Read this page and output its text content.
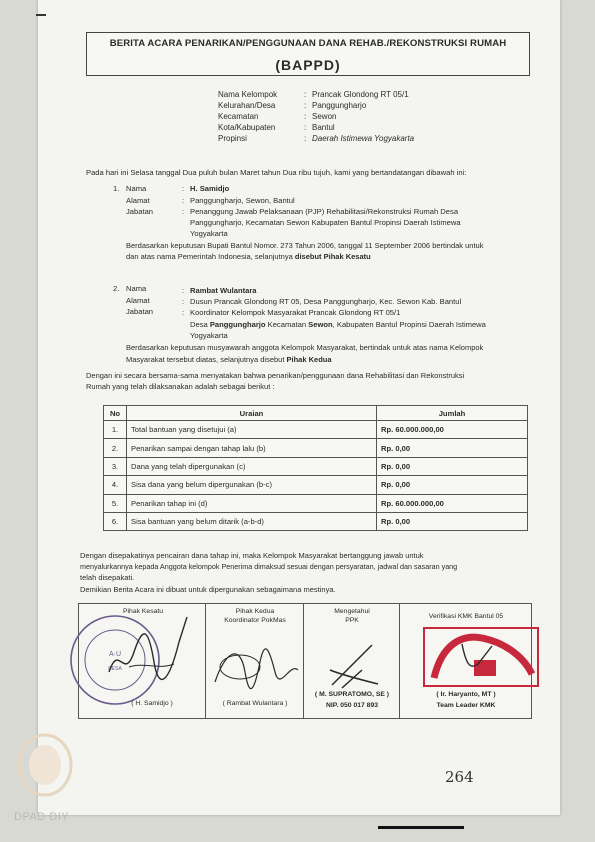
BERITA ACARA PENARIKAN/PENGGUNAAN DANA REHAB./REKONSTRUKSI RUMAH
(BAPPD)
Nama Kelompok	: Prancak Glondong RT 05/1
Kelurahan/Desa	: Panggungharjo
Kecamatan	: Sewon
Kota/Kabupaten	: Bantul
Propinsi	: Daerah Istimewa Yogyakarta
Pada hari ini Selasa tanggal Dua puluh bulan Maret tahun Dua ribu tujuh, kami yang bertandatangan dibawah ini:
1. Nama	: H. Samidjo
Alamat	: Panggungharjo, Sewon, Bantul
Jabatan	: Penanggung Jawab Pelaksanaan (PJP) Rehabilitasi/Rekonstruksi Rumah Desa
Panggungharjo, Kecamatan Sewon Kabupaten Bantul Propinsi Daerah Istimewa
Yogyakarta
Berdasarkan keputusan Bupati Bantul Nomor. 273 Tahun 2006, tanggal 11 September 2006 bertindak untuk
dan atas nama Pemerintah Indonesia, selanjutnya disebut Pihak Kesatu
2. Nama	: Rambat Wulantara
Alamat	: Dusun Prancak Glondong RT 05, Desa Panggungharjo, Kec. Sewon Kab. Bantul
Jabatan	: Koordinator Kelompok Masyarakat Prancak Glondong RT 05/1
Desa Panggungharjo Kecamatan Sewon, Kabupaten Bantul Propinsi Daerah Istimewa
Yogyakarta
Berdasarkan keputusan musyawarah anggota Kelompok Masyarakat, bertindak untuk atas nama Kelompok
Masyarakat tersebut diatas, selanjutnya disebut Pihak Kedua
Dengan ini secara bersama-sama menyatakan bahwa penarikan/penggunaan dana Rehabilitasi dan Rekonstruksi
Rumah yang telah dilaksanakan adalah sebagai berikut :
No	Uraian	Jumlah
1.	Total bantuan yang disetujui (a)	Rp. 60.000.000,00
2.	Penarikan sampai dengan tahap lalu (b)	Rp. 0,00
3.	Dana yang telah dipergunakan (c)	Rp. 0,00
4.	Sisa dana yang belum dipergunakan (b-c)	Rp. 0,00
5.	Penarikan tahap ini (d)	Rp. 60.000.000,00
6.	Sisa bantuan yang belum ditarik (a-b-d)	Rp. 0,00
Dengan disepakatinya pencairan dana tahap ini, maka Kelompok Masyarakat bertanggung jawab untuk
menyalurkannya kepada Anggota kelompok Penerima dimaksud sesuai dengan persyaratan, jadwal dan sasaran yang
telah disepakati.
Demikian Berita Acara ini dibuat untuk dipergunakan sebagaimana mestinya.
Pihak Kesatu
A·U
DESA
( H. Samidjo )
Pihak Kedua
Koordinator PokMas
( Rambat Wulantara )
Mengetahui
PPK
( M. SUPRATOMO, SE )
NIP. 050 017 893
Verifikasi KMK Bantul 05
( Ir. Haryanto, MT )
Team Leader KMK
264
DPAD DIY
